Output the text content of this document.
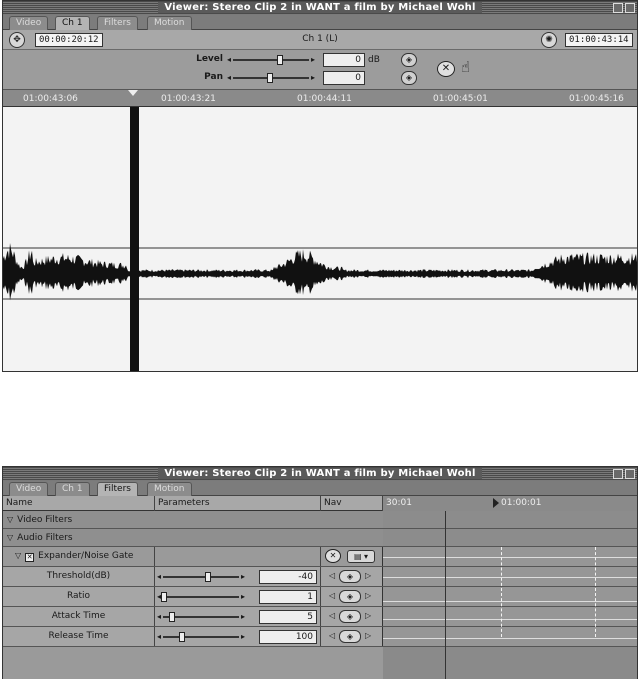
Viewer: Stereo Clip 2 in WANT a film by Michael Wohl
Video	Ch 1	Filters	Motion
✥	00:00:20:12	Ch 1 (L)	✺	01:00:43:14
Level ◂	▸	0 dB	◈
Pan ◂	▸	0	◈
✕ ☝
01:00:43:06	01:00:43:21	01:00:44:11	01:00:45:01	01:00:45:16
Viewer: Stereo Clip 2 in WANT a film by Michael Wohl
Video	Ch 1	Filters	Motion
Name	Parameters	Nav	30:01	01:00:01
▽ Video Filters
▽ Audio Filters
▽ ✕ Expander/Noise Gate	✕	▤ ▾
Threshold(dB)	◂	▸	-40	◁	◈	▷
Ratio	◂	▸	1	◁	◈	▷
Attack Time	◂	▸	5	◁	◈	▷
Release Time	◂	▸	100	◁	◈	▷
